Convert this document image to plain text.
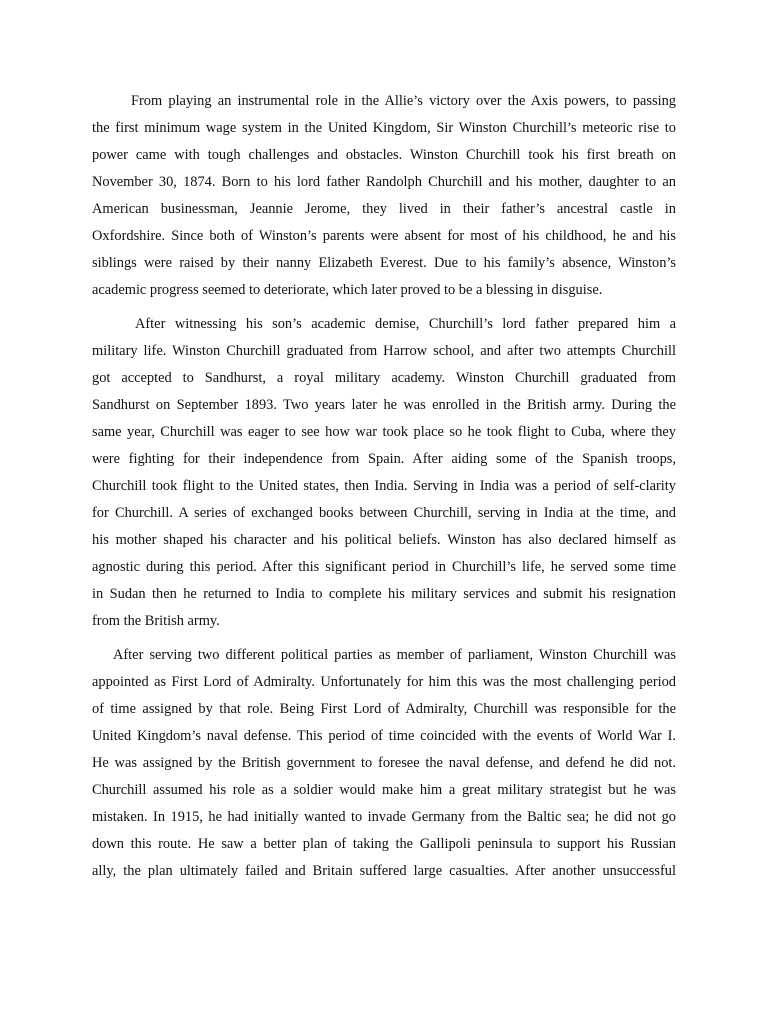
From playing an instrumental role in the Allie’s victory over the Axis powers, to passing
the first minimum wage system in the United Kingdom, Sir Winston Churchill’s meteoric rise to
power came with tough challenges and obstacles. Winston Churchill took his first breath on
November 30, 1874. Born to his lord father Randolph Churchill and his mother, daughter to an
American businessman, Jeannie Jerome, they lived in their father’s ancestral castle in
Oxfordshire. Since both of Winston’s parents were absent for most of his childhood, he and his
siblings were raised by their nanny Elizabeth Everest. Due to his family’s absence, Winston’s
academic progress seemed to deteriorate, which later proved to be a blessing in disguise.

After witnessing his son’s academic demise, Churchill’s lord father prepared him a
military life. Winston Churchill graduated from Harrow school, and after two attempts Churchill
got accepted to Sandhurst, a royal military academy. Winston Churchill graduated from
Sandhurst on September 1893. Two years later he was enrolled in the British army. During the
same year, Churchill was eager to see how war took place so he took flight to Cuba, where they
were fighting for their independence from Spain. After aiding some of the Spanish troops,
Churchill took flight to the United states, then India. Serving in India was a period of self-clarity
for Churchill. A series of exchanged books between Churchill, serving in India at the time, and
his mother shaped his character and his political beliefs. Winston has also declared himself as
agnostic during this period. After this significant period in Churchill’s life, he served some time
in Sudan then he returned to India to complete his military services and submit his resignation
from the British army.

After serving two different political parties as member of parliament, Winston Churchill was
appointed as First Lord of Admiralty. Unfortunately for him this was the most challenging period
of time assigned by that role. Being First Lord of Admiralty, Churchill was responsible for the
United Kingdom’s naval defense. This period of time coincided with the events of World War I.
He was assigned by the British government to foresee the naval defense, and defend he did not.
Churchill assumed his role as a soldier would make him a great military strategist but he was
mistaken. In 1915, he had initially wanted to invade Germany from the Baltic sea; he did not go
down this route. He saw a better plan of taking the Gallipoli peninsula to support his Russian
ally, the plan ultimately failed and Britain suffered large casualties. After another unsuccessful
